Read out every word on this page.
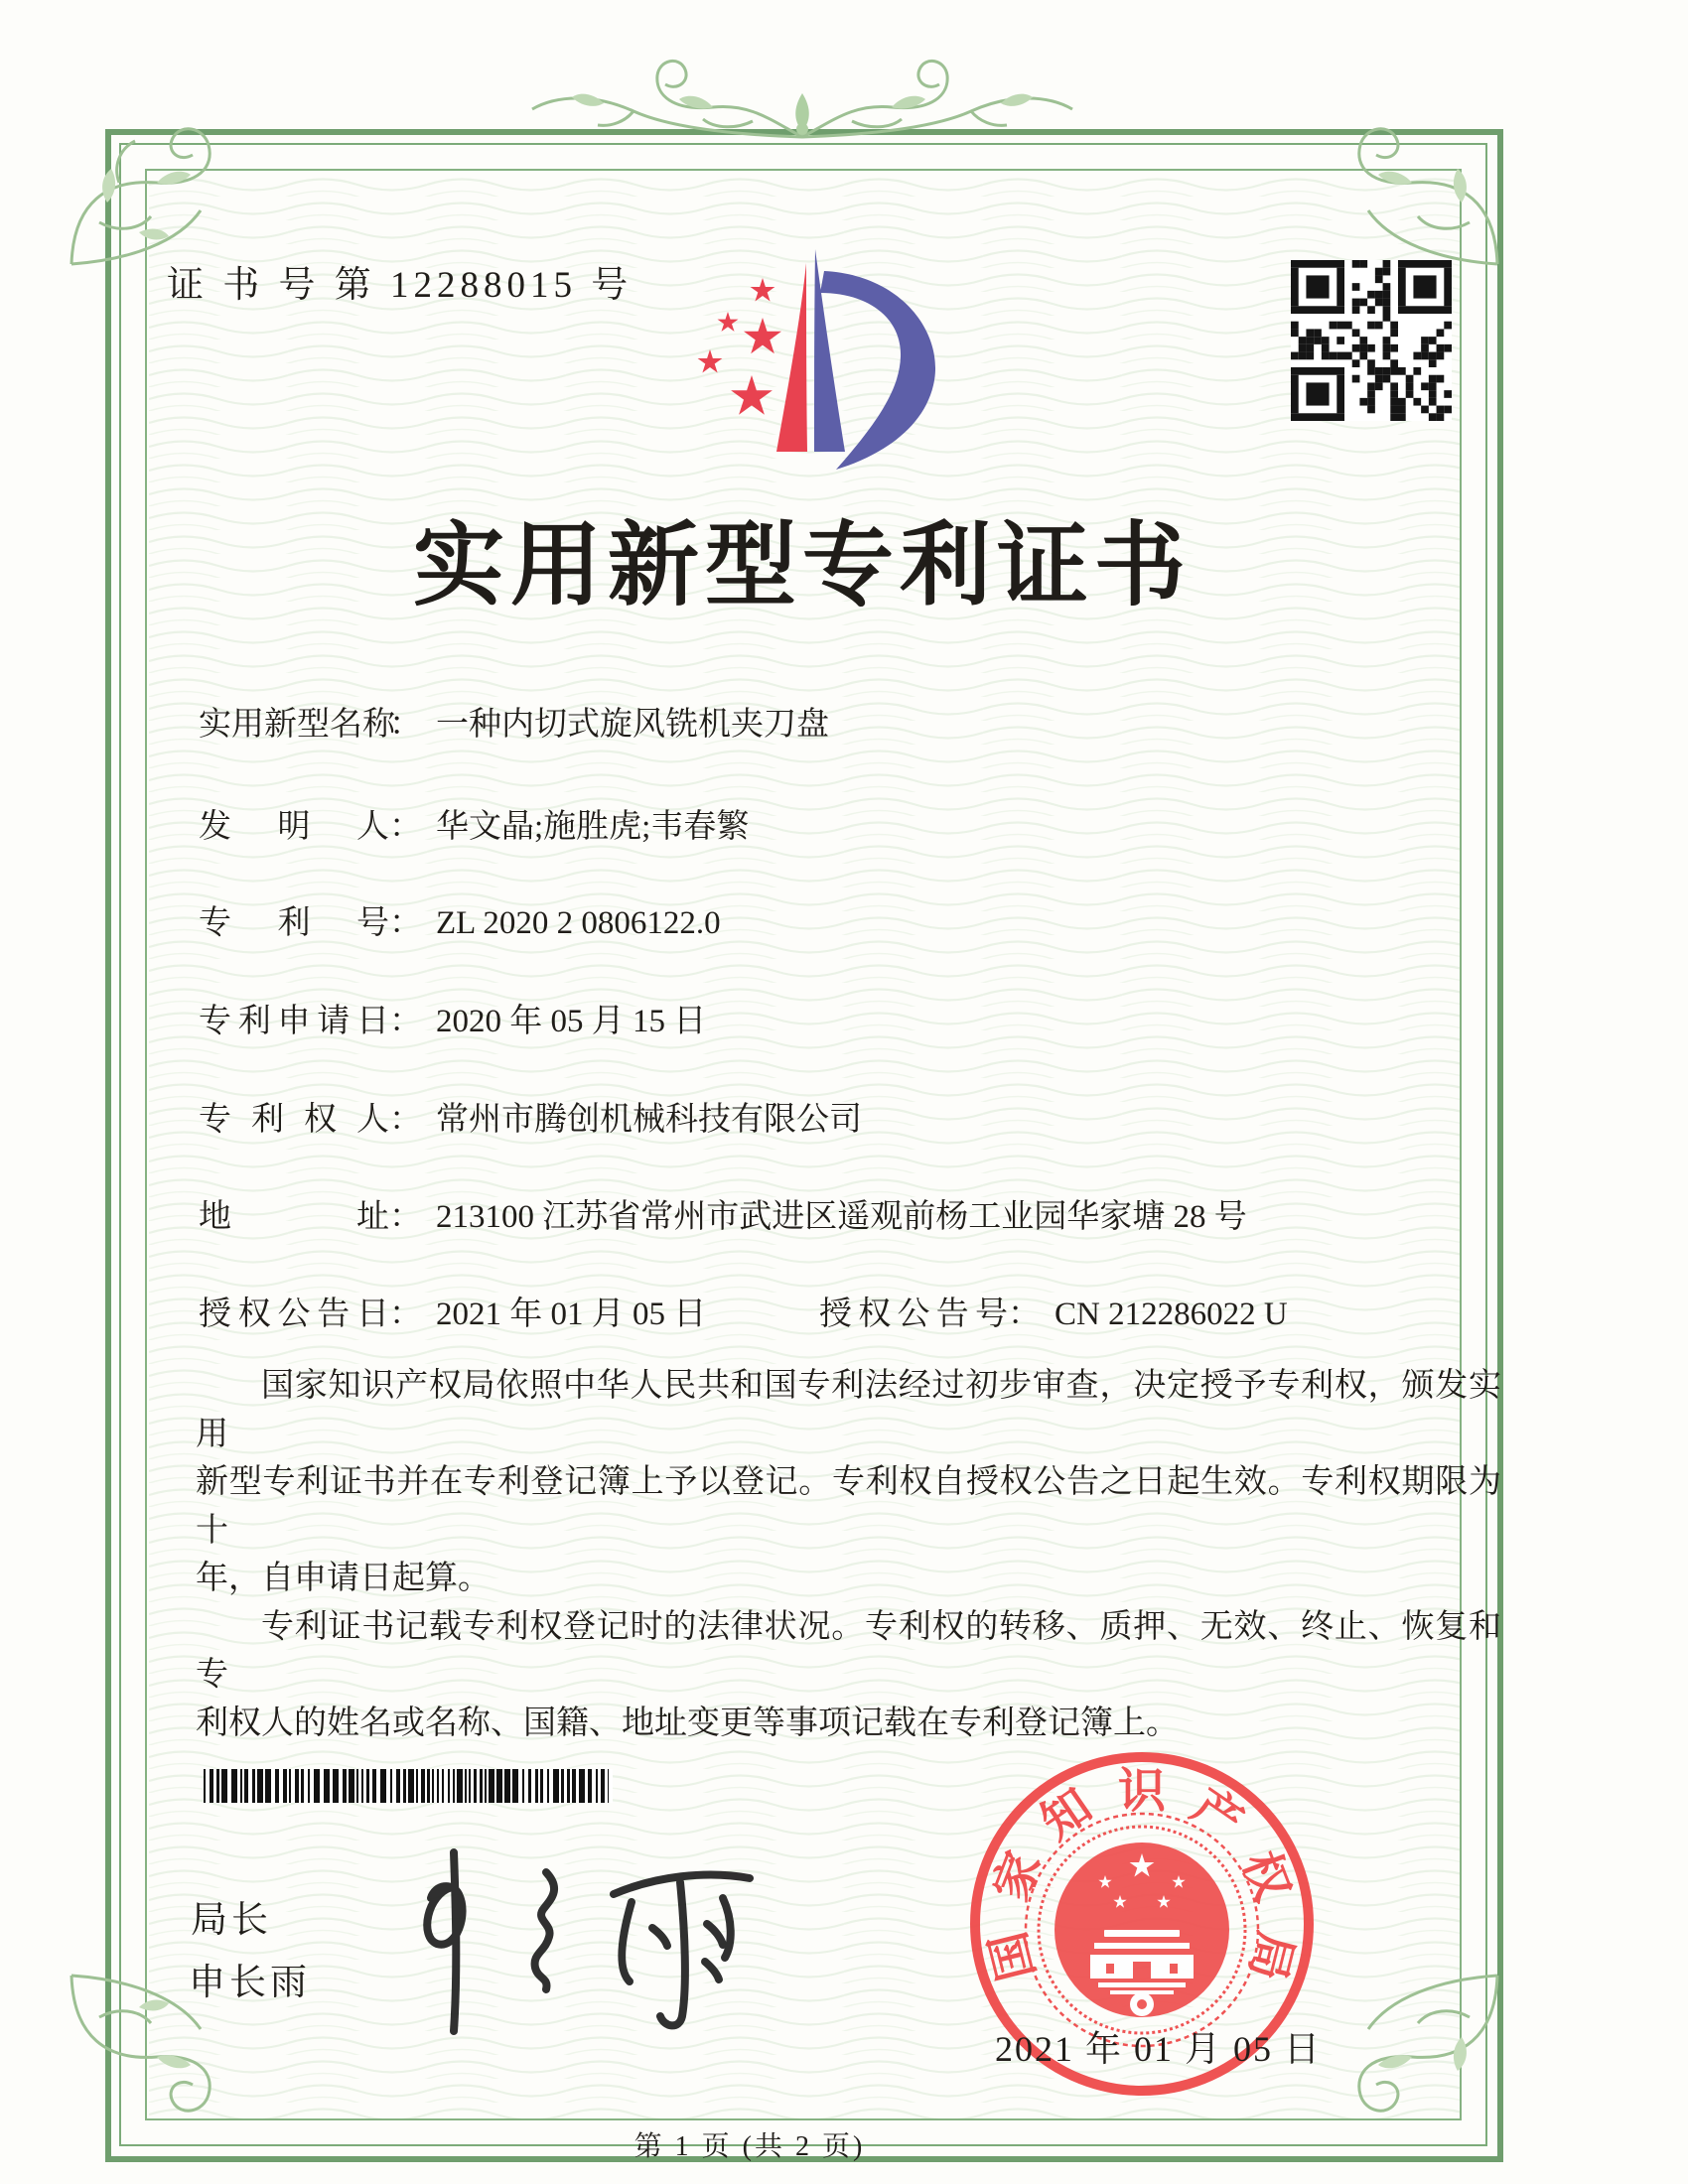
证 书 号 第 12288015 号
实用新型专利证书
实用新型名称： 一种内切式旋风铣机夹刀盘
发明人： 华文晶;施胜虎;韦春繁
专利号： ZL 2020 2 0806122.0
专利申请日： 2020 年 05 月 15 日
专利权人： 常州市腾创机械科技有限公司
地址： 213100 江苏省常州市武进区遥观前杨工业园华家塘 28 号
授权公告日： 2021 年 01 月 05 日	授权公告号： CN 212286022 U
国家知识产权局依照中华人民共和国专利法经过初步审查，决定授予专利权，颁发实用
新型专利证书并在专利登记簿上予以登记。专利权自授权公告之日起生效。专利权期限为十
年，自申请日起算。
专利证书记载专利权登记时的法律状况。专利权的转移、质押、无效、终止、恢复和专
利权人的姓名或名称、国籍、地址变更等事项记载在专利登记簿上。
局长
申长雨	国
家
知 识 产
权
局
2021 年 01 月 05 日
第 1 页 (共 2 页)
